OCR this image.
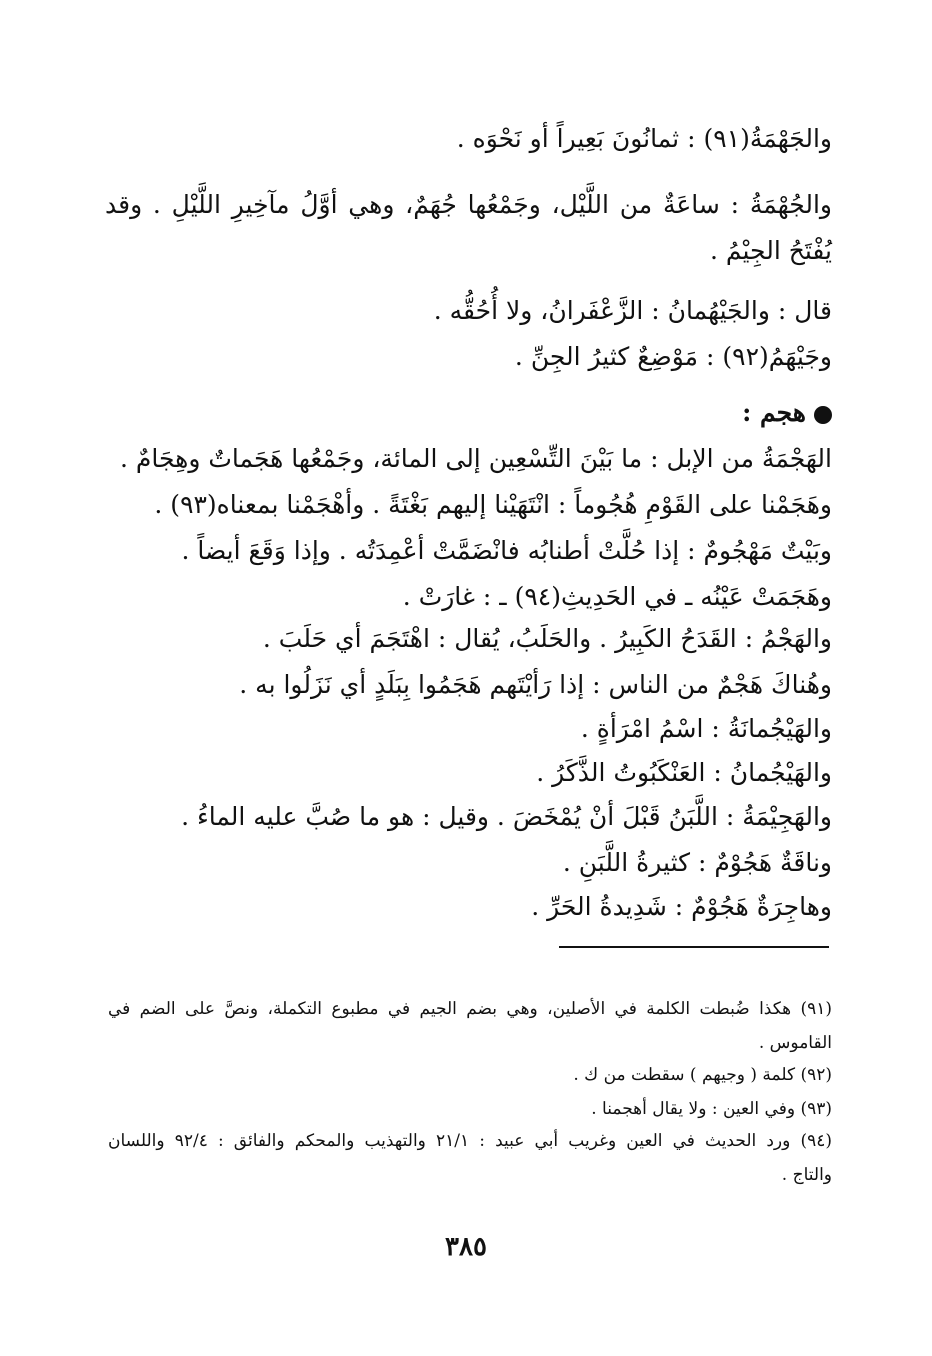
والجَهْمَةُ(٩١) : ثمانُونَ بَعِيراً أو نَحْوَه .
والجُهْمَةُ : ساعَةٌ من اللَّيْل، وجَمْعُها جُهَمٌ، وهي أوَّلُ مآخِيرِ اللَّيْلِ . وقد
يُفْتَحُ الجِيْمُ .
قال : والجَيْهُمانُ : الزَّعْفَرانُ، ولا أُحُقُّه .
وجَيْهَمُ(٩٢) : مَوْضِعٌ كثيرُ الجِنِّ .
هجم :
الهَجْمَةُ من الإبل : ما بَيْنَ التِّسْعِين إلى المائة، وجَمْعُها هَجَماتٌ وهِجَامٌ .
وهَجَمْنا على القَوْمِ هُجُوماً : انْتَهَيْنا إليهم بَغْتَةً . وأهْجَمْنا بمعناه(٩٣) .
وبَيْتٌ مَهْجُومٌ : إذا حُلَّتْ أطنابُه فانْضَمَّتْ أعْمِدَتُه . وإذا وَقَعَ أيضاً .
وهَجَمَتْ عَيْنُه ـ في الحَدِيثِ(٩٤) ـ : غارَتْ .
والهَجْمُ : القَدَحُ الكَبِيرُ . والحَلَبُ، يُقال : اهْتَجَمَ أي حَلَبَ .
وهُناكَ هَجْمٌ من الناس : إذا رَأيْتَهم هَجَمُوا بِبَلَدٍ أي نَزَلُوا به .
والهَيْجُمانَةُ : اسْمُ امْرَأةٍ .
والهَيْجُمانُ : العَنْكَبُوتُ الذَّكَرُ .
والهَجِيْمَةُ : اللَّبَنُ قَبْلَ أنْ يُمْخَضَ . وقيل : هو ما صُبَّ عليه الماءُ .
وناقَةٌ هَجُوْمٌ : كثيرةُ اللَّبَنِ .
وهاجِرَةٌ هَجُوْمٌ : شَدِيدةُ الحَرِّ .
(٩١) هكذا ضُبطت الكلمة في الأصلين، وهي بضم الجيم في مطبوع التكملة، ونصَّ على الضم في
القاموس .
(٩٢) كلمة ( وجيهم ) سقطت من ك .
(٩٣) وفي العين : ولا يقال أهجمنا .
(٩٤) ورد الحديث في العين وغريب أبي عبيد : ٢١/١ والتهذيب والمحكم والفائق : ٩٢/٤ واللسان
والتاج .
٣٨٥
